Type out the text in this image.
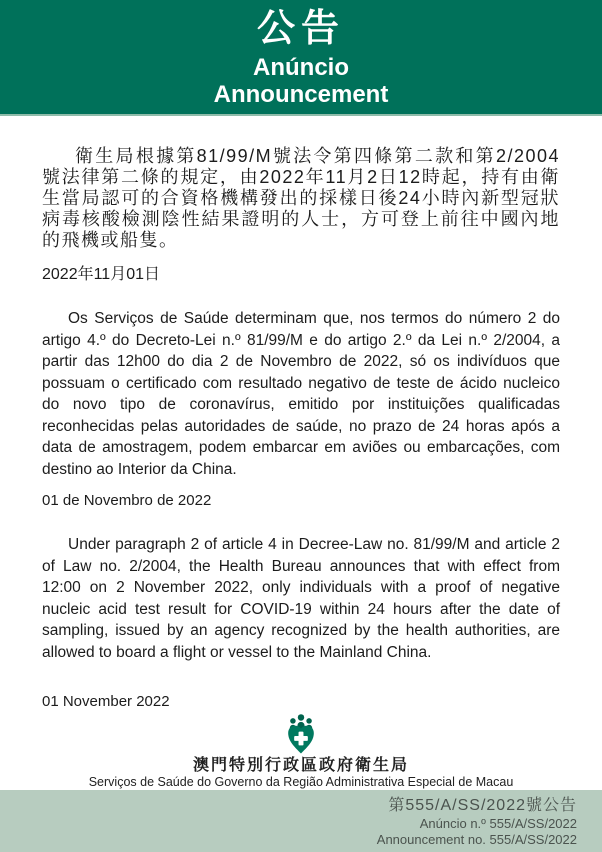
公告
Anúncio
Announcement

衛生局根據第81/99/M號法令第四條第二款和第2/2004號法律第二條的規定，由2022年11月2日12時起，持有由衛生當局認可的合資格機構發出的採樣日後24小時內新型冠狀病毒核酸檢測陰性結果證明的人士，方可登上前往中國內地的飛機或船隻。

2022年11月01日

Os Serviços de Saúde determinam que, nos termos do número 2 do artigo 4.º do Decreto-Lei n.º 81/99/M e do artigo 2.º da Lei n.º 2/2004, a partir das 12h00 do dia 2 de Novembro de 2022, só os indivíduos que possuam o certificado com resultado negativo de teste de ácido nucleico do novo tipo de coronavírus, emitido por instituições qualificadas reconhecidas pelas autoridades de saúde, no prazo de 24 horas após a data de amostragem, podem embarcar em aviões ou embarcações, com destino ao Interior da China.

01 de Novembro de 2022

Under paragraph 2 of article 4 in Decree-Law no. 81/99/M and article 2 of Law no. 2/2004, the Health Bureau announces that with effect from 12:00 on 2 November 2022, only individuals with a proof of negative nucleic acid test result for COVID-19 within 24 hours after the date of sampling, issued by an agency recognized by the health authorities, are allowed to board a flight or vessel to the Mainland China.

01 November 2022

澳門特別行政區政府衛生局
Serviços de Saúde do Governo da Região Administrativa Especial de Macau
第555/A/SS/2022號公告
Anúncio n.º 555/A/SS/2022
Announcement no. 555/A/SS/2022
